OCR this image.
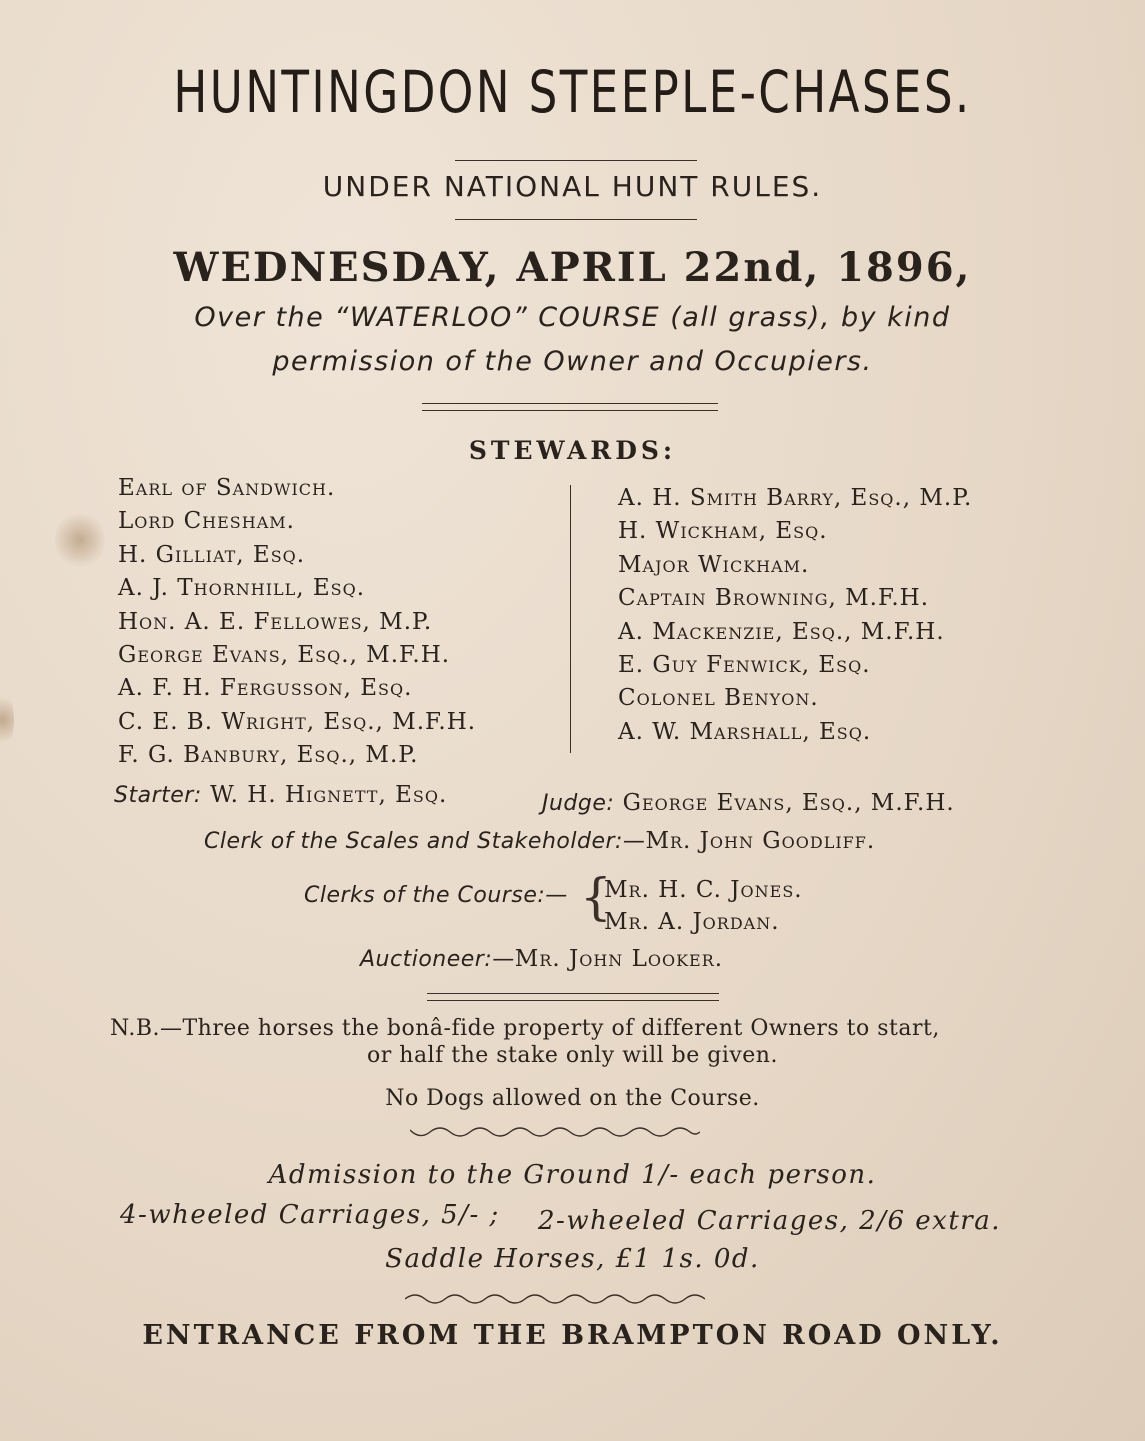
HUNTINGDON STEEPLE-CHASES.
UNDER NATIONAL HUNT RULES.
WEDNESDAY, APRIL 22nd, 1896,
Over the “WATERLOO” COURSE (all grass), by kind
permission of the Owner and Occupiers.
STEWARDS:
Earl of Sandwich.
Lord Chesham.
H. Gilliat, Esq.
A. J. Thornhill, Esq.
Hon. A. E. Fellowes, M.P.
George Evans, Esq., M.F.H.
A. F. H. Fergusson, Esq.
C. E. B. Wright, Esq., M.F.H.
F. G. Banbury, Esq., M.P.
A. H. Smith Barry, Esq., M.P.
H. Wickham, Esq.
Major Wickham.
Captain Browning, M.F.H.
A. Mackenzie, Esq., M.F.H.
E. Guy Fenwick, Esq.
Colonel Benyon.
A. W. Marshall, Esq.
Starter: W. H. Hignett, Esq.	Judge: George Evans, Esq., M.F.H.
Clerk of the Scales and Stakeholder:—Mr. John Goodliff.
Clerks of the Course:— {
Mr. H. C. Jones.
Mr. A. Jordan.
Auctioneer:—Mr. John Looker.
N.B.—Three horses the bonâ-fide property of different Owners to start,
or half the stake only will be given.
No Dogs allowed on the Course.
Admission to the Ground 1/- each person.
4-wheeled Carriages, 5/- ; 2-wheeled Carriages, 2/6 extra.
Saddle Horses, £1 1s. 0d.
ENTRANCE FROM THE BRAMPTON ROAD ONLY.
